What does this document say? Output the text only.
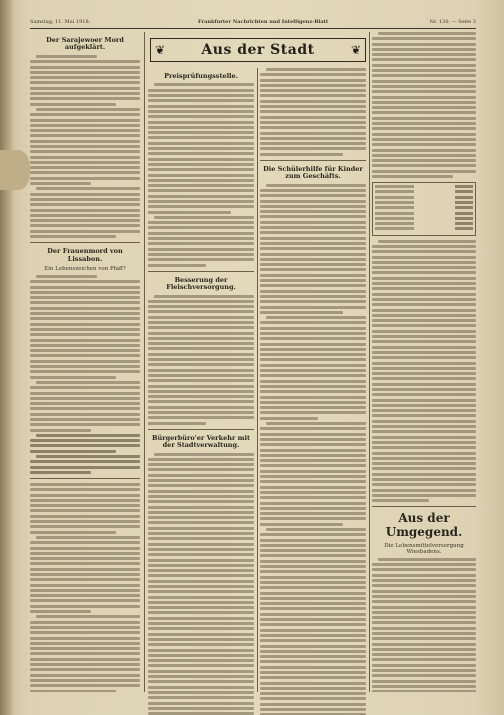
Samstag, 11. Mai 1918.	Frankfurter Nachrichten und Intelligenz-Blatt	Nr. 130. — Seite 3
❦	Aus der Stadt	❦
Der Sarajewoer Mord aufgeklärt.
Der Frauenmord von Lissabon.
Ein Lebenszeichen von Pfaff?
Preisprüfungsstelle.
Besserung der Fleischversorgung.
Bürgerbüro'er Verkehr mit der Stadtverwaltung.
Die Schülerhilfe für Kinder zum Geschäfts.
Aus der Umgegend.
Die Lebensmittelversorgung Wiesbadens.
